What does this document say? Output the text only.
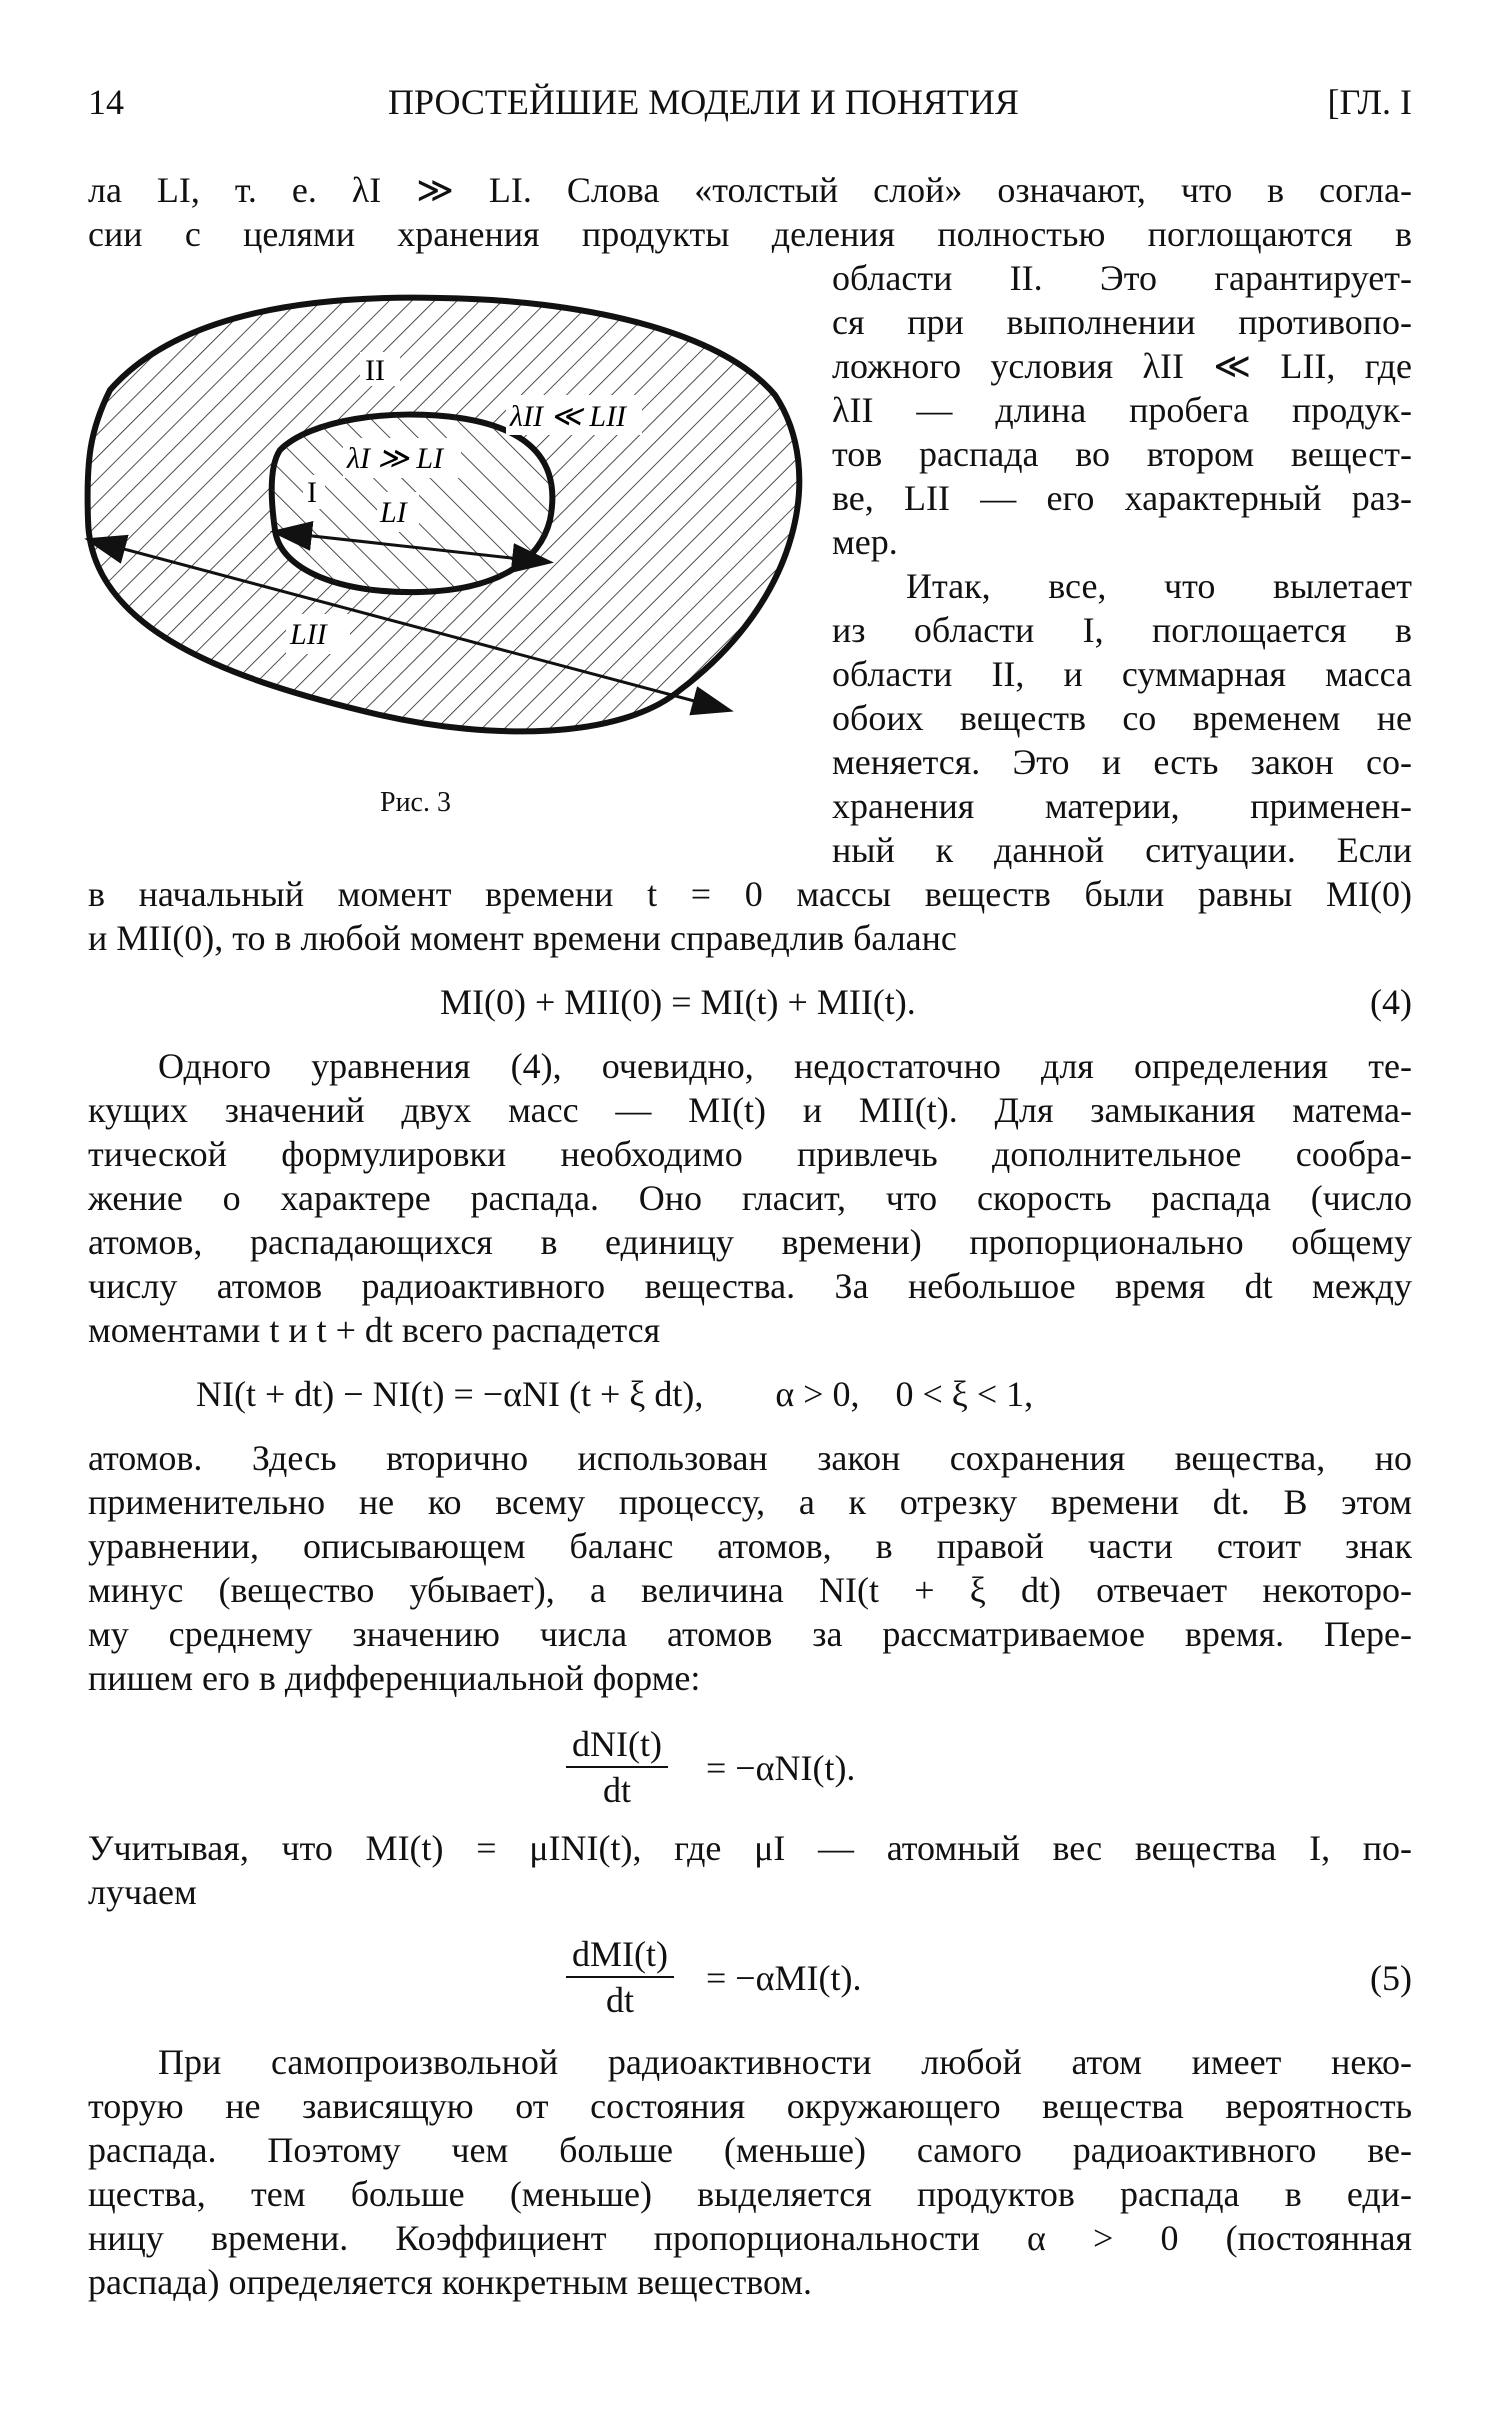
14	ПРОСТЕЙШИЕ МОДЕЛИ И ПОНЯТИЯ	[ГЛ. I
ла LI, т. е. λI ≫ LI. Слова «толстый слой» означают, что в согла-
сии с целями хранения продукты деления полностью поглощаются в
II
λII ≪ LII
λI ≫ LI
I
LI
LII
Рис. 3
области II. Это гарантирует-
ся при выполнении противопо-
ложного условия λII ≪ LII, где
λII — длина пробега продук-
тов распада во втором вещест-
ве, LII — его характерный раз-
мер.
Итак, все, что вылетает
из области I, поглощается в
области II, и суммарная масса
обоих веществ со временем не
меняется. Это и есть закон со-
хранения материи, применен-
ный к данной ситуации. Если
в начальный момент времени t = 0 массы веществ были равны MI(0)
и MII(0), то в любой момент времени справедлив баланс
MI(0) + MII(0) = MI(t) + MII(t).	(4)
Одного уравнения (4), очевидно, недостаточно для определения те-
кущих значений двух масс — MI(t) и MII(t). Для замыкания матема-
тической формулировки необходимо привлечь дополнительное сообра-
жение о характере распада. Оно гласит, что скорость распада (число
атомов, распадающихся в единицу времени) пропорционально общему
числу атомов радиоактивного вещества. За небольшое время dt между
моментами t и t + dt всего распадется
NI(t + dt) − NI(t) = −αNI (t + ξ dt),        α > 0,    0 < ξ < 1,
атомов. Здесь вторично использован закон сохранения вещества, но
применительно не ко всему процессу, а к отрезку времени dt. В этом
уравнении, описывающем баланс атомов, в правой части стоит знак
минус (вещество убывает), а величина NI(t + ξ dt) отвечает некоторо-
му среднему значению числа атомов за рассматриваемое время. Пере-
пишем его в дифференциальной форме:
dNI(t)
dt
= −αNI(t).
Учитывая, что MI(t) = μINI(t), где μI — атомный вес вещества I, по-
лучаем
dMI(t)
dt
= −αMI(t).	(5)
При самопроизвольной радиоактивности любой атом имеет неко-
торую не зависящую от состояния окружающего вещества вероятность
распада. Поэтому чем больше (меньше) самого радиоактивного ве-
щества, тем больше (меньше) выделяется продуктов распада в еди-
ницу времени. Коэффициент пропорциональности α > 0 (постоянная
распада) определяется конкретным веществом.
